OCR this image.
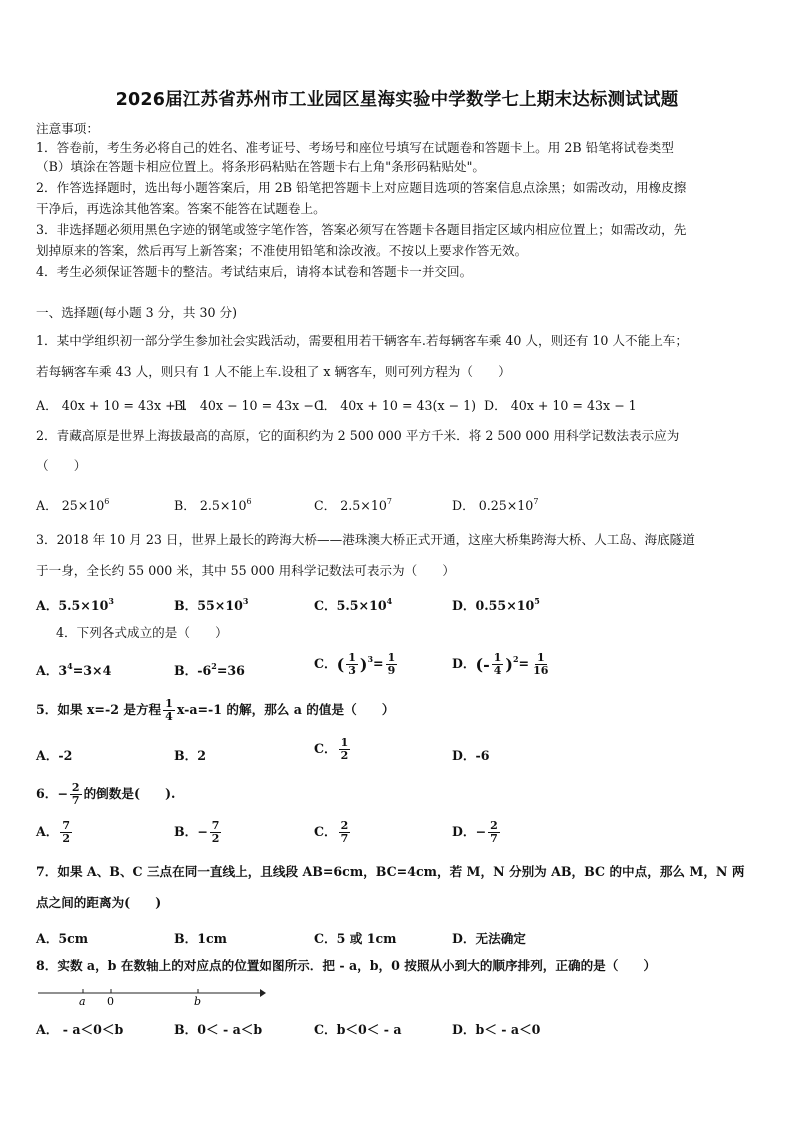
2026届江苏省苏州市工业园区星海实验中学数学七上期末达标测试试题
注意事项：
1．答卷前，考生务必将自己的姓名、准考证号、考场号和座位号填写在试题卷和答题卡上。用 2B 铅笔将试卷类型
（B）填涂在答题卡相应位置上。将条形码粘贴在答题卡右上角"条形码粘贴处"。
2．作答选择题时，选出每小题答案后，用 2B 铅笔把答题卡上对应题目选项的答案信息点涂黑；如需改动，用橡皮擦
干净后，再选涂其他答案。答案不能答在试题卷上。
3．非选择题必须用黑色字迹的钢笔或签字笔作答，答案必须写在答题卡各题目指定区域内相应位置上；如需改动，先
划掉原来的答案，然后再写上新答案；不准使用铅笔和涂改液。不按以上要求作答无效。
4．考生必须保证答题卡的整洁。考试结束后，请将本试卷和答题卡一并交回。
一、选择题(每小题 3 分，共 30 分)
1．某中学组织初一部分学生参加社会实践活动，需要租用若干辆客车.若每辆客车乘 40 人，则还有 10 人不能上车；
若每辆客车乘 43 人，则只有 1 人不能上车.设租了 x 辆客车，则可列方程为（　　）
A． 40x + 10 = 43x + 1
B． 40x − 10 = 43x − 1
C． 40x + 10 = 43(x − 1) D． 40x + 10 = 43x − 1
2．青藏高原是世界上海拔最高的高原，它的面积约为 2 500 000 平方千米．将 2 500 000 用科学记数法表示应为
（　　）
A． $25\times 10^6$	B． $2.5\times 10^6$	C． $2.5\times 10^7$	D． $0.25\times 10^7$
3．2018 年 10 月 23 日，世界上最长的跨海大桥——港珠澳大桥正式开通，这座大桥集跨海大桥、人工岛、海底隧道
于一身，全长约 55 000 米，其中 55 000 用科学记数法可表示为（　　）
A．$5.5\times 10^3$	B．$55\times 10^3$	C．$5.5\times 10^4$	D．$0.55\times 10^5$
4．下列各式成立的是（　　）
A．$3^4=3\times 4$	B．$-6^2=36$	C．( $\frac{1}{3} )^3= \frac{1}{9}$	D．(- $\frac{1}{4} )^2= \frac{1}{16}$
5．如果 x=-2 是方程 $\frac{1}{4} x-a=-1$ 的解，那么 a 的值是（　　）
A．-2	B．2	C． $\frac{1}{2}$	D．-6
6．− $\frac{2}{7}$ 的倒数是(　　).
A． $\frac{7}{2}$	B．− $\frac{7}{2}$	C． $\frac{2}{7}$	D．− $\frac{2}{7}$
7．如果 A、B、C 三点在同一直线上，且线段 AB=6cm，BC=4cm，若 M，N 分别为 AB，BC 的中点，那么 M，N 两
点之间的距离为(　　)
A．5cm	B．1cm	C．5 或 1cm	D．无法确定
8．实数 a，b 在数轴上的对应点的位置如图所示．把 - a，b，0 按照从小到大的顺序排列，正确的是（　　）
a 0	b
A． - a＜0＜b	B．0＜ - a＜b	C．b＜0＜ - a	D．b＜ - a＜0
